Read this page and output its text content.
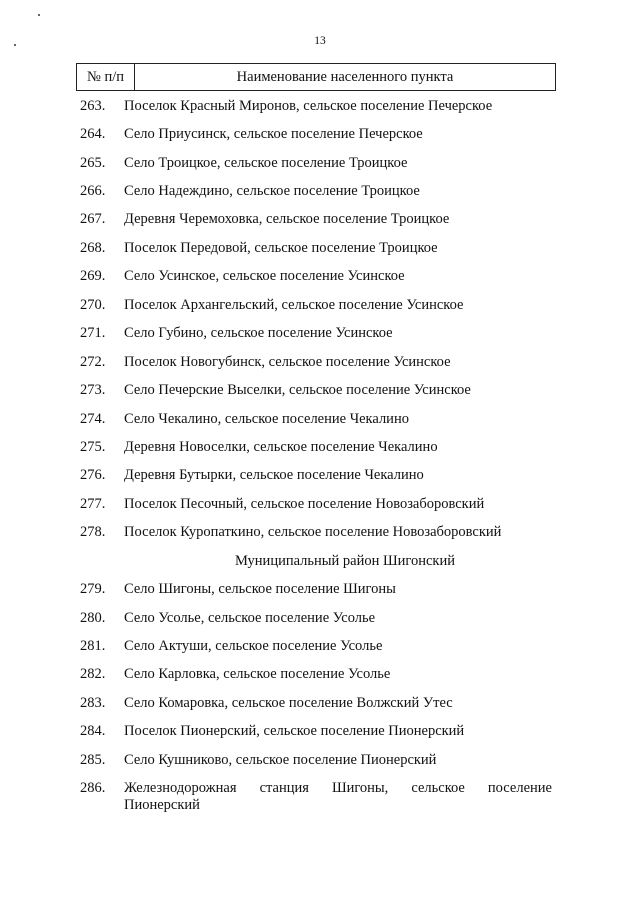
13
№ п/п	Наименование населенного пункта
263. Поселок Красный Миронов, сельское поселение Печерское
264. Село Приусинск, сельское поселение Печерское
265. Село Троицкое, сельское поселение Троицкое
266. Село Надеждино, сельское поселение Троицкое
267. Деревня Черемоховка, сельское поселение Троицкое
268. Поселок Передовой, сельское поселение Троицкое
269. Село Усинское, сельское поселение Усинское
270. Поселок Архангельский, сельское поселение Усинское
271. Село Губино, сельское поселение Усинское
272. Поселок Новогубинск, сельское поселение Усинское
273. Село Печерские Выселки, сельское поселение Усинское
274. Село Чекалино, сельское поселение Чекалино
275. Деревня Новоселки, сельское поселение Чекалино
276. Деревня Бутырки, сельское поселение Чекалино
277. Поселок Песочный, сельское поселение Новозаборовский
278. Поселок Куропаткино, сельское поселение Новозаборовский
Муниципальный район Шигонский
279. Село Шигоны, сельское поселение Шигоны
280. Село Усолье, сельское поселение Усолье
281. Село Актуши, сельское поселение Усолье
282. Село Карловка, сельское поселение Усолье
283. Село Комаровка, сельское поселение Волжский Утес
284. Поселок Пионерский, сельское поселение Пионерский
285. Село Кушниково, сельское поселение Пионерский
286. Железнодорожная станция Шигоны, сельское поселение
Пионерский
